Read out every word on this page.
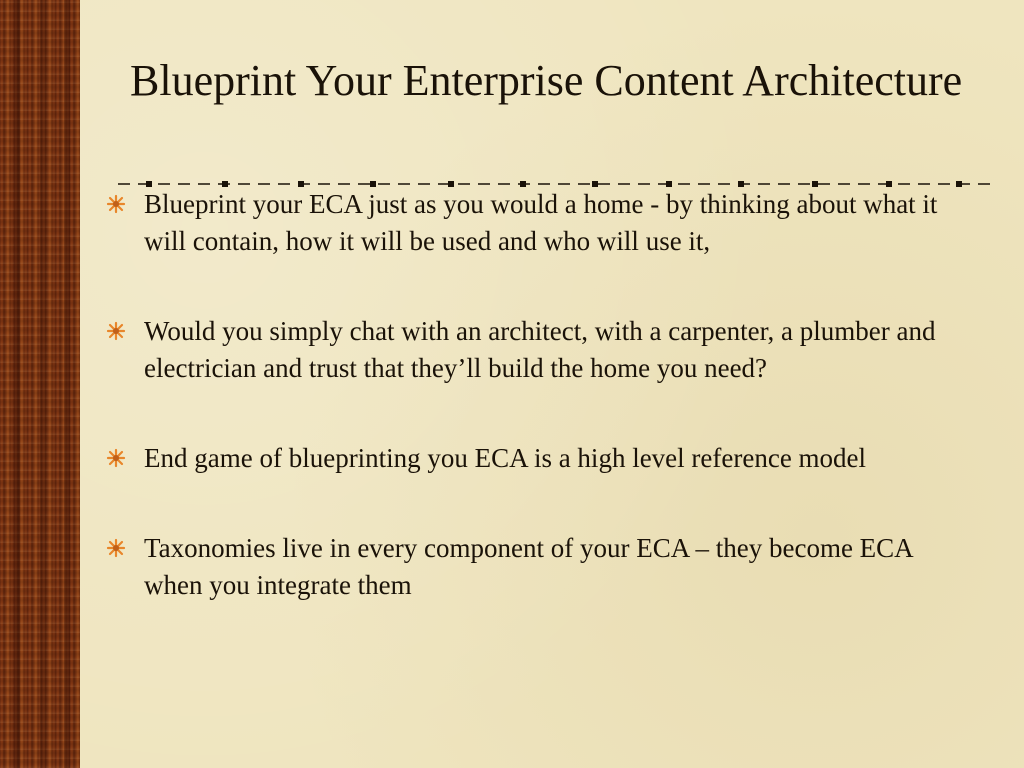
Blueprint Your Enterprise Content Architecture
Blueprint your ECA just as you would a home - by thinking about what it will contain, how it will be used and who will use it,
Would you simply chat with an architect, with a carpenter, a plumber and electrician and trust that they’ll build the home you need?
End game of blueprinting you ECA is a high level reference model
Taxonomies live in every component of your ECA – they become ECA when you integrate them
